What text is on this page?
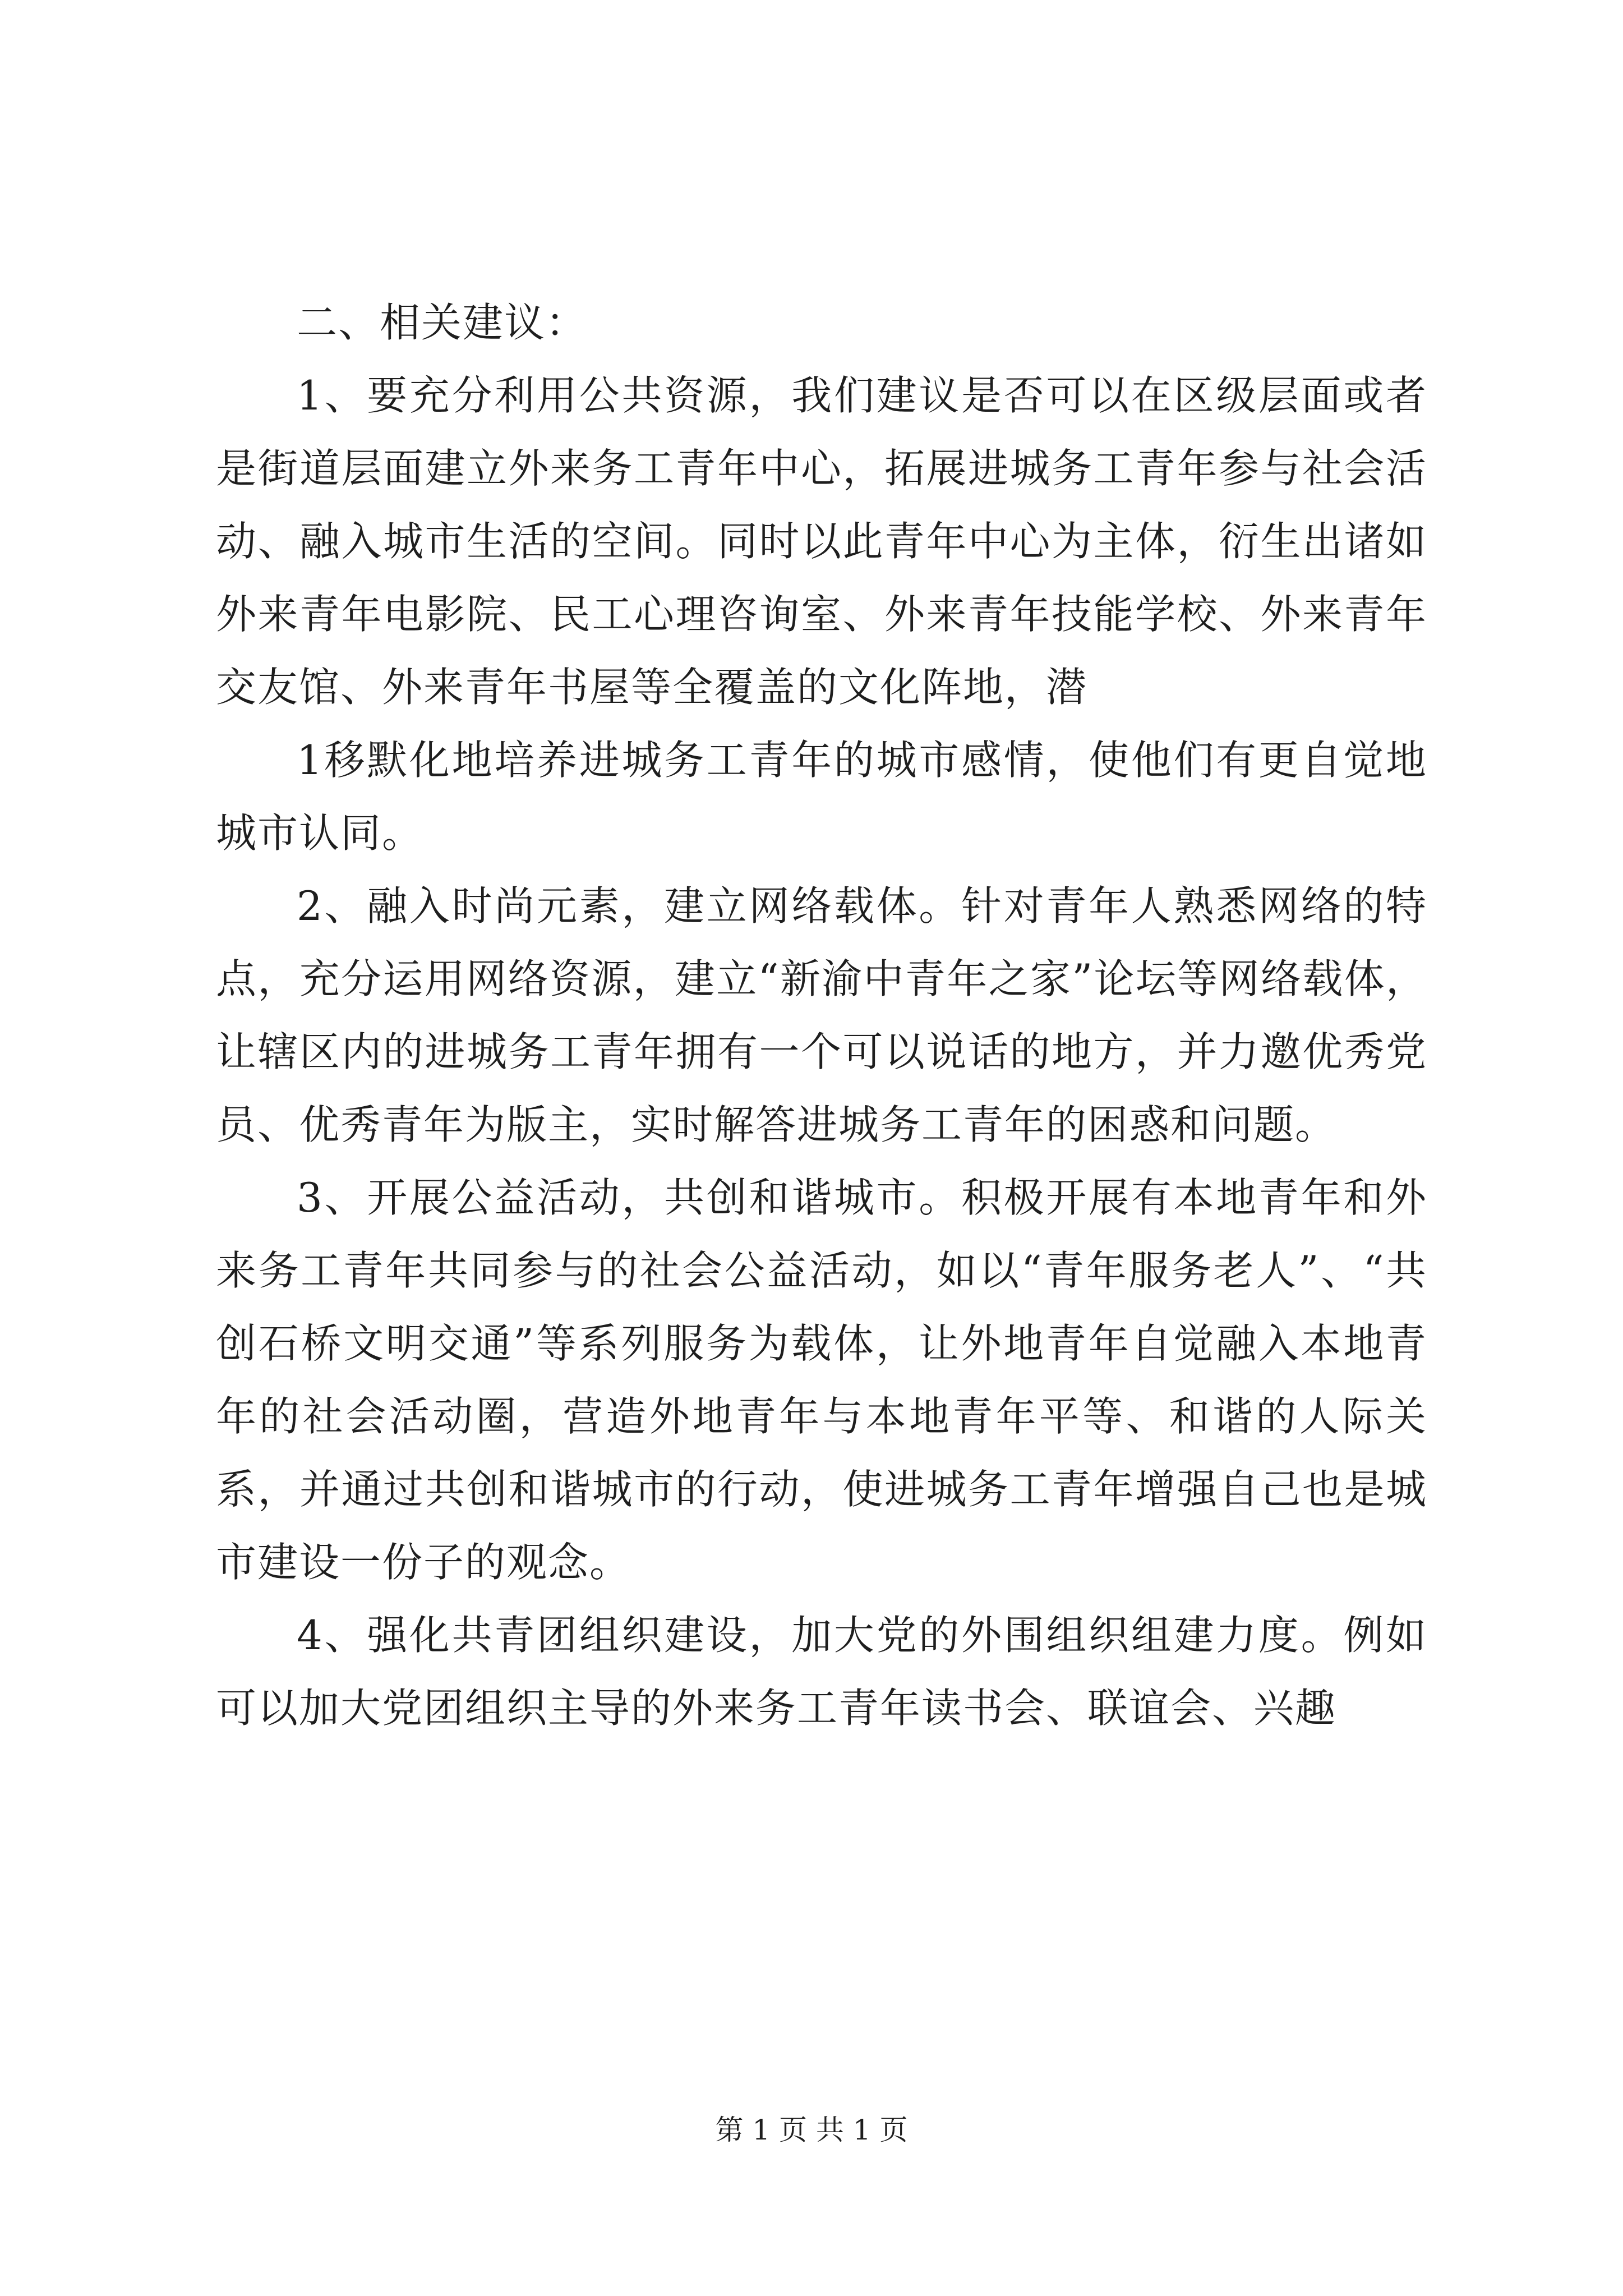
二、相关建议：

1、要充分利用公共资源，我们建议是否可以在区级层面或者是街道层面建立外来务工青年中心，拓展进城务工青年参与社会活动、融入城市生活的空间。同时以此青年中心为主体，衍生出诸如外来青年电影院、民工心理咨询室、外来青年技能学校、外来青年交友馆、外来青年书屋等全覆盖的文化阵地，潜

1移默化地培养进城务工青年的城市感情，使他们有更自觉地城市认同。

2、融入时尚元素，建立网络载体。针对青年人熟悉网络的特点，充分运用网络资源，建立“新渝中青年之家”论坛等网络载体，让辖区内的进城务工青年拥有一个可以说话的地方，并力邀优秀党员、优秀青年为版主，实时解答进城务工青年的困惑和问题。

3、开展公益活动，共创和谐城市。积极开展有本地青年和外来务工青年共同参与的社会公益活动，如以“青年服务老人”、“共创石桥文明交通”等系列服务为载体，让外地青年自觉融入本地青年的社会活动圈，营造外地青年与本地青年平等、和谐的人际关系，并通过共创和谐城市的行动，使进城务工青年增强自己也是城市建设一份子的观念。

4、强化共青团组织建设，加大党的外围组织组建力度。例如可以加大党团组织主导的外来务工青年读书会、联谊会、兴趣

第 1 页 共 1 页
